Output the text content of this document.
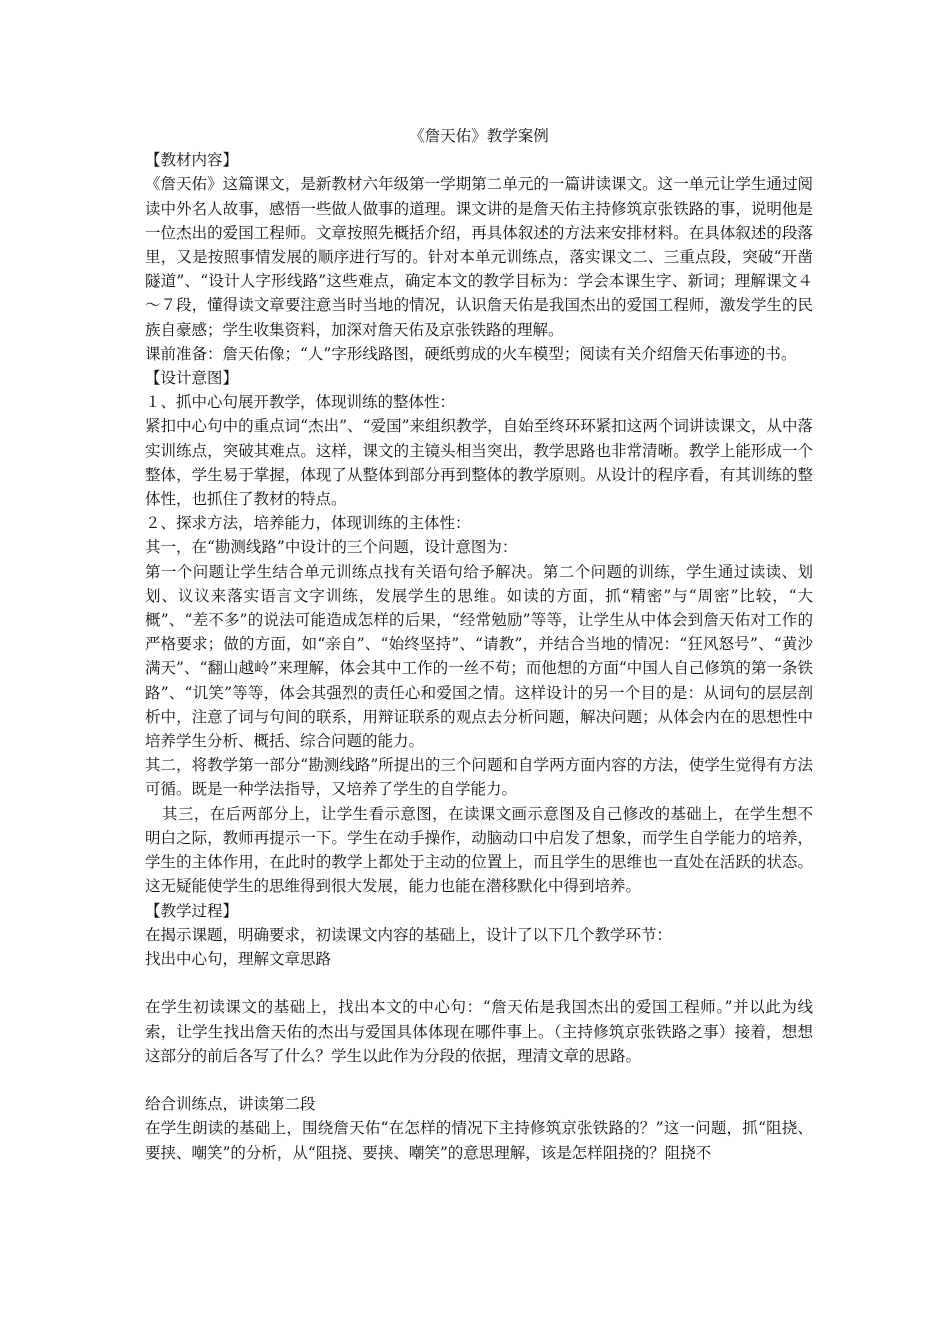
《詹天佑》教学案例

【教材内容】

《詹天佑》这篇课文，是新教材六年级第一学期第二单元的一篇讲读课文。这一单元让学生通过阅读中外名人故事，感悟一些做人做事的道理。课文讲的是詹天佑主持修筑京张铁路的事，说明他是一位杰出的爱国工程师。文章按照先概括介绍，再具体叙述的方法来安排材料。在具体叙述的段落里，又是按照事情发展的顺序进行写的。针对本单元训练点，落实课文二、三重点段，突破“开凿隧道”、“设计人字形线路”这些难点，确定本文的教学目标为：学会本课生字、新词；理解课文４～７段，懂得读文章要注意当时当地的情况，认识詹天佑是我国杰出的爱国工程师，激发学生的民族自豪感；学生收集资料，加深对詹天佑及京张铁路的理解。

课前准备：詹天佑像；“人”字形线路图，硬纸剪成的火车模型；阅读有关介绍詹天佑事迹的书。

【设计意图】

１、抓中心句展开教学，体现训练的整体性：

紧扣中心句中的重点词“杰出”、“爱国”来组织教学，自始至终环环紧扣这两个词讲读课文，从中落实训练点，突破其难点。这样，课文的主镜头相当突出，教学思路也非常清晰。教学上能形成一个整体，学生易于掌握，体现了从整体到部分再到整体的教学原则。从设计的程序看，有其训练的整体性，也抓住了教材的特点。

２、探求方法，培养能力，体现训练的主体性：

其一，在“勘测线路”中设计的三个问题，设计意图为：

第一个问题让学生结合单元训练点找有关语句给予解决。第二个问题的训练，学生通过读读、划划、议议来落实语言文字训练，发展学生的思维。如读的方面，抓“精密”与“周密”比较，“大概”、“差不多”的说法可能造成怎样的后果，“经常勉励”等等，让学生从中体会到詹天佑对工作的严格要求；做的方面，如“亲自”、“始终坚持”、“请教”，并结合当地的情况：“狂风怒号”、“黄沙满天”、“翻山越岭”来理解，体会其中工作的一丝不苟；而他想的方面“中国人自己修筑的第一条铁路”、“讥笑”等等，体会其强烈的责任心和爱国之情。这样设计的另一个目的是：从词句的层层剖析中，注意了词与句间的联系，用辩证联系的观点去分析问题，解决问题；从体会内在的思想性中培养学生分析、概括、综合问题的能力。

其二，将教学第一部分“勘测线路”所提出的三个问题和自学两方面内容的方法，使学生觉得有方法可循。既是一种学法指导，又培养了学生的自学能力。

其三，在后两部分上，让学生看示意图，在读课文画示意图及自己修改的基础上，在学生想不明白之际，教师再提示一下。学生在动手操作，动脑动口中启发了想象，而学生自学能力的培养，学生的主体作用，在此时的教学上都处于主动的位置上，而且学生的思维也一直处在活跃的状态。这无疑能使学生的思维得到很大发展，能力也能在潜移默化中得到培养。

【教学过程】

在揭示课题，明确要求，初读课文内容的基础上，设计了以下几个教学环节：

找出中心句，理解文章思路

在学生初读课文的基础上，找出本文的中心句：“詹天佑是我国杰出的爱国工程师。”并以此为线索，让学生找出詹天佑的杰出与爱国具体体现在哪件事上。（主持修筑京张铁路之事）接着，想想这部分的前后各写了什么？学生以此作为分段的依据，理清文章的思路。

给合训练点，讲读第二段

在学生朗读的基础上，围绕詹天佑“在怎样的情况下主持修筑京张铁路的？”这一问题，抓“阻挠、要挟、嘲笑”的分析，从“阻挠、要挟、嘲笑”的意思理解，该是怎样阻挠的？阻挠不
